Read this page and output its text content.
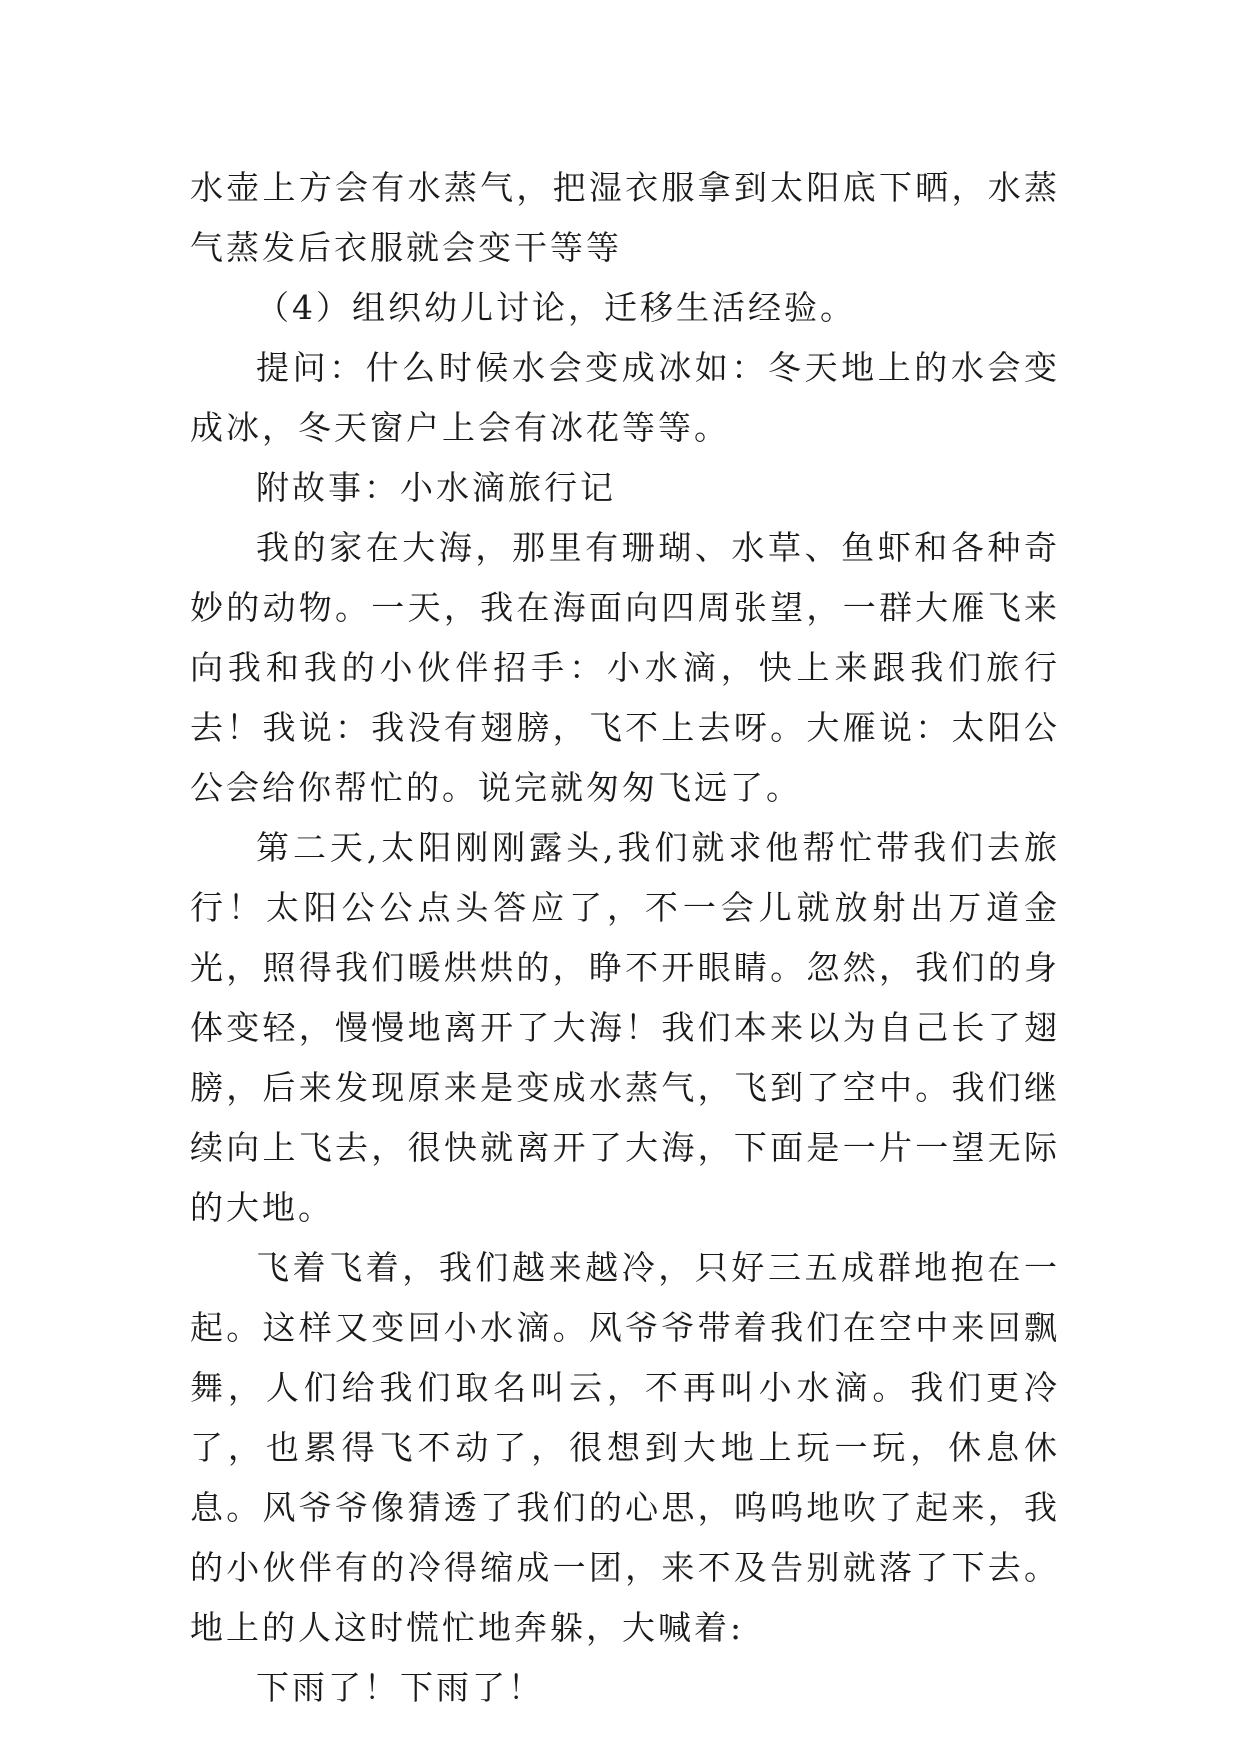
水壶上方会有水蒸气，把湿衣服拿到太阳底下晒，水蒸气蒸发后衣服就会变干等等

（4）组织幼儿讨论，迁移生活经验。

提问：什么时候水会变成冰如：冬天地上的水会变成冰，冬天窗户上会有冰花等等。

附故事：小水滴旅行记

我的家在大海，那里有珊瑚、水草、鱼虾和各种奇妙的动物。一天，我在海面向四周张望，一群大雁飞来向我和我的小伙伴招手：小水滴，快上来跟我们旅行去！我说：我没有翅膀，飞不上去呀。大雁说：太阳公公会给你帮忙的。说完就匆匆飞远了。

第二天,太阳刚刚露头,我们就求他帮忙带我们去旅行！太阳公公点头答应了，不一会儿就放射出万道金光，照得我们暖烘烘的，睁不开眼睛。忽然，我们的身体变轻，慢慢地离开了大海！我们本来以为自己长了翅膀，后来发现原来是变成水蒸气，飞到了空中。我们继续向上飞去，很快就离开了大海，下面是一片一望无际的大地。

飞着飞着，我们越来越冷，只好三五成群地抱在一起。这样又变回小水滴。风爷爷带着我们在空中来回飘舞，人们给我们取名叫云，不再叫小水滴。我们更冷了，也累得飞不动了，很想到大地上玩一玩，休息休息。风爷爷像猜透了我们的心思，呜呜地吹了起来，我的小伙伴有的冷得缩成一团，来不及告别就落了下去。地上的人这时慌忙地奔躲，大喊着:

下雨了！下雨了！
